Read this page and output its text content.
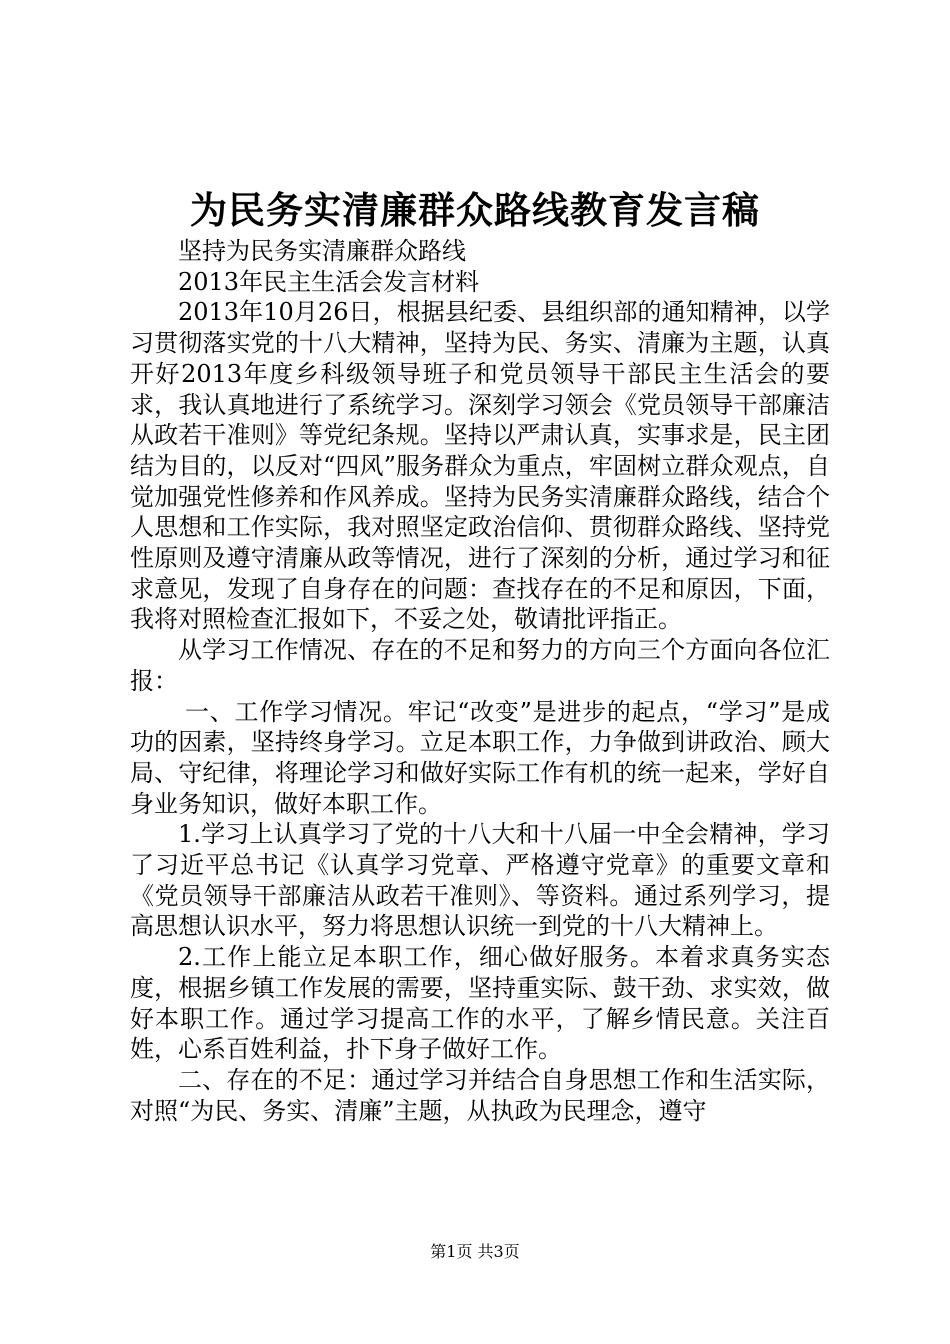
为民务实清廉群众路线教育发言稿

坚持为民务实清廉群众路线

2013年民主生活会发言材料

2013年10月26日，根据县纪委、县组织部的通知精神，以学习贯彻落实党的十八大精神，坚持为民、务实、清廉为主题，认真开好2013年度乡科级领导班子和党员领导干部民主生活会的要求，我认真地进行了系统学习。深刻学习领会《党员领导干部廉洁从政若干准则》等党纪条规。坚持以严肃认真，实事求是，民主团结为目的，以反对“四风”服务群众为重点，牢固树立群众观点，自觉加强党性修养和作风养成。坚持为民务实清廉群众路线，结合个人思想和工作实际，我对照坚定政治信仰、贯彻群众路线、坚持党性原则及遵守清廉从政等情况，进行了深刻的分析，通过学习和征求意见，发现了自身存在的问题：查找存在的不足和原因，下面，我将对照检查汇报如下，不妥之处，敬请批评指正。

从学习工作情况、存在的不足和努力的方向三个方面向各位汇报：

一、工作学习情况。牢记“改变”是进步的起点，“学习”是成功的因素，坚持终身学习。立足本职工作，力争做到讲政治、顾大局、守纪律，将理论学习和做好实际工作有机的统一起来，学好自身业务知识，做好本职工作。

1.学习上认真学习了党的十八大和十八届一中全会精神，学习了习近平总书记《认真学习党章、严格遵守党章》的重要文章和《党员领导干部廉洁从政若干准则》、等资料。通过系列学习，提高思想认识水平，努力将思想认识统一到党的十八大精神上。

2.工作上能立足本职工作，细心做好服务。本着求真务实态度，根据乡镇工作发展的需要，坚持重实际、鼓干劲、求实效，做好本职工作。通过学习提高工作的水平，了解乡情民意。关注百姓，心系百姓利益，扑下身子做好工作。

二、存在的不足：通过学习并结合自身思想工作和生活实际，对照“为民、务实、清廉”主题，从执政为民理念，遵守

第1页 共3页
